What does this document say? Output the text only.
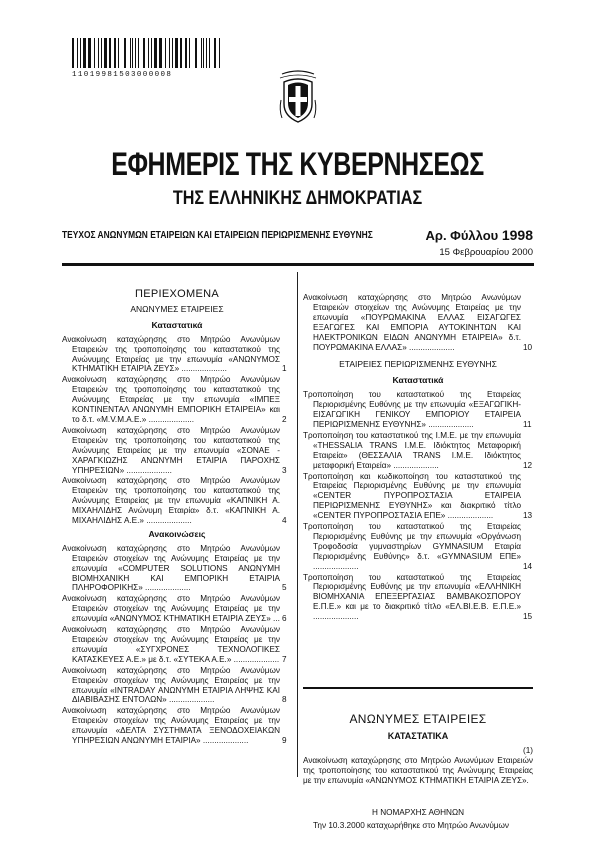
11019981503000008
ΕΦΗΜΕΡΙΣ ΤΗΣ ΚΥΒΕΡΝΗΣΕΩΣ
ΤΗΣ ΕΛΛΗΝΙΚΗΣ ΔΗΜΟΚΡΑΤΙΑΣ
ΤΕΥΧΟΣ ΑΝΩΝΥΜΩΝ ΕΤΑΙΡΕΙΩΝ ΚΑΙ ΕΤΑΙΡΕΙΩΝ ΠΕΡΙΩΡΙΣΜΕΝΗΣ ΕΥΘΥΝΗΣ	Αρ. Φύλλου 1998
15 Φεβρουαρίου 2000
ΠΕΡΙΕΧΟΜΕΝΑ
ΑΝΩΝΥΜΕΣ ΕΤΑΙΡΕΙΕΣ
Καταστατικά
Ανακοίνωση καταχώρησης στο Μητρώο Ανωνύμων Εταιρειών της τροποποίησης του καταστατικού της Ανώνυμης Εταιρείας με την επωνυμία «ΑΝΩΝΥΜΟΣ ΚΤΗΜΑΤΙΚΗ ΕΤΑΙΡΙΑ ΖΕΥΣ» ....................	1
Ανακοίνωση καταχώρησης στο Μητρώο Ανωνύμων Εταιρειών της τροποποίησης του καταστατικού της Ανώνυμης Εταιρείας με την επωνυμία «ΙΜΠΕΞ ΚΟΝΤΙΝΕΝΤΑΛ ΑΝΩΝΥΜΗ ΕΜΠΟΡΙΚΗ ΕΤΑΙΡΕΙΑ» και το δ.τ. «Μ.V.Μ.Α.Ε.» ....................	2
Ανακοίνωση καταχώρησης στο Μητρώο Ανωνύμων Εταιρειών της τροποποίησης του καταστατικού της Ανώνυμης Εταιρείας με την επωνυμία «ΣΟΝΑΕ - ΧΑΡΑΓΚΙΩΖΗΣ ΑΝΩΝΥΜΗ ΕΤΑΙΡΙΑ ΠΑΡΟΧΗΣ ΥΠΗΡΕΣΙΩΝ» ....................	3
Ανακοίνωση καταχώρησης στο Μητρώο Ανωνύμων Εταιρειών της τροποποίησης του καταστατικού της Ανώνυμης Εταιρείας με την επωνυμία «ΚΑΠΝΙΚΗ Α. ΜΙΧΑΗΛΙΔΗΣ Ανώνυμη Εταιρία» δ.τ. «ΚΑΠΝΙΚΗ Α. ΜΙΧΑΗΛΙΔΗΣ Α.Ε.» ....................	4
Ανακοινώσεις
Ανακοίνωση καταχώρησης στο Μητρώο Ανωνύμων Εταιρειών στοιχείων της Ανώνυμης Εταιρείας με την επωνυμία «COMPUTER SOLUTIONS ΑΝΩΝΥΜΗ ΒΙΟΜΗΧΑΝΙΚΗ ΚΑΙ ΕΜΠΟΡΙΚΗ ΕΤΑΙΡΙΑ ΠΛΗΡΟΦΟΡΙΚΗΣ» ....................	5
Ανακοίνωση καταχώρησης στο Μητρώο Ανωνύμων Εταιρειών στοιχείων της Ανώνυμης Εταιρείας με την επωνυμία «ΑΝΩΝΥΜΟΣ ΚΤΗΜΑΤΙΚΗ ΕΤΑΙΡΙΑ ΖΕΥΣ» ... 6
Ανακοίνωση καταχώρησης στο Μητρώο Ανωνύμων Εταιρειών στοιχείων της Ανώνυμης Εταιρείας με την επωνυμία «ΣΥΓΧΡΟΝΕΣ ΤΕΧΝΟΛΟΓΙΚΕΣ ΚΑΤΑΣΚΕΥΕΣ Α.Ε.» με δ.τ. «ΣΥΤΕΚΑ Α.Ε.» .................... 7
Ανακοίνωση καταχώρησης στο Μητρώο Ανωνύμων Εταιρειών στοιχείων της Ανώνυμης Εταιρείας με την επωνυμία «INTRADAY ΑΝΩΝΥΜΗ ΕΤΑΙΡΙΑ ΛΗΨΗΣ ΚΑΙ ΔΙΑΒΙΒΑΣΗΣ ΕΝΤΟΛΩΝ» ....................	8
Ανακοίνωση καταχώρησης στο Μητρώο Ανωνύμων Εταιρειών στοιχείων της Ανώνυμης Εταιρείας με την επωνυμία «ΔΕΛΤΑ ΣΥΣΤΗΜΑΤΑ ΞΕΝΟΔΟΧΕΙΑΚΩΝ ΥΠΗΡΕΣΙΩΝ ΑΝΩΝΥΜΗ ΕΤΑΙΡΙΑ» ....................	9
Ανακοίνωση καταχώρησης στο Μητρώο Ανωνύμων Εταιρειών στοιχείων της Ανώνυμης Εταιρείας με την επωνυμία «ΠΟΥΡΩΜΑΚΙΝΑ ΕΛΛΑΣ ΕΙΣΑΓΩΓΕΣ ΕΞΑΓΩΓΕΣ ΚΑΙ ΕΜΠΟΡΙΑ ΑΥΤΟΚΙΝΗΤΩΝ ΚΑΙ ΗΛΕΚΤΡΟΝΙΚΩΝ ΕΙΔΩΝ ΑΝΩΝΥΜΗ ΕΤΑΙΡΕΙΑ» δ.τ. ΠΟΥΡΩΜΑΚΙΝΑ ΕΛΛΑΣ» ....................	10
ΕΤΑΙΡΕΙΕΣ ΠΕΡΙΩΡΙΣΜΕΝΗΣ ΕΥΘΥΝΗΣ
Καταστατικά
Τροποποίηση του καταστατικού της Εταιρείας Περιορισμένης Ευθύνης με την επωνυμία «ΕΞΑΓΩΓΙΚΗ-ΕΙΣΑΓΩΓΙΚΗ ΓΕΝΙΚΟΥ ΕΜΠΟΡΙΟΥ ΕΤΑΙΡΕΙΑ ΠΕΡΙΩΡΙΣΜΕΝΗΣ ΕΥΘΥΝΗΣ» ....................	11
Τροποποίηση του καταστατικού της Ι.Μ.Ε. με την επωνυμία «THESSALIA TRANS Ι.Μ.Ε. Ιδιόκτητος Μεταφορική Εταιρεία» (ΘΕΣΣΑΛΙΑ TRANS Ι.Μ.Ε. Ιδιόκτητος μεταφορική Εταιρεία» ....................	12
Τροποποίηση και κωδικοποίηση του καταστατικού της Εταιρείας Περιορισμένης Ευθύνης με την επωνυμία «CENTER ΠΥΡΟΠΡΟΣΤΑΣΙΑ ΕΤΑΙΡΕΙΑ ΠΕΡΙΩΡΙΣΜΕΝΗΣ ΕΥΘΥΝΗΣ» και διακριτικό τίτλο «CENTER ΠΥΡΟΠΡΟΣΤΑΣΙΑ ΕΠΕ» ....................	13
Τροποποίηση του καταστατικού της Εταιρείας Περιορισμένης Ευθύνης με την επωνυμία «Οργάνωση Τροφοδοσία γυμναστηρίων GYMNASIUM Εταιρία Περιορισμένης Ευθύνης» δ.τ. «GYMNASIUM ΕΠΕ» ....................	14
Τροποποίηση του καταστατικού της Εταιρείας Περιορισμένης Ευθύνης με την επωνυμία «ΕΛΛΗΝΙΚΗ ΒΙΟΜΗΧΑΝΙΑ ΕΠΕΞΕΡΓΑΣΙΑΣ ΒΑΜΒΑΚΟΣΠΟΡΟΥ Ε.Π.Ε.» και με το διακριτικό τίτλο «ΕΛ.ΒΙ.Ε.Β. Ε.Π.Ε.» ....................	15
ΑΝΩΝΥΜΕΣ ΕΤΑΙΡΕΙΕΣ
ΚΑΤΑΣΤΑΤΙΚΑ
(1)
Ανακοίνωση καταχώρησης στο Μητρώο Ανωνύμων Εταιρειών της τροποποίησης του καταστατικού της Ανώνυμης Εταιρείας με την επωνυμία «ΑΝΩΝΥΜΟΣ ΚΤΗΜΑΤΙΚΗ ΕΤΑΙΡΙΑ ΖΕΥΣ».
Η ΝΟΜΑΡΧΗΣ ΑΘΗΝΩΝ
Την 10.3.2000 καταχωρήθηκε στο Μητρώο Ανωνύμων
